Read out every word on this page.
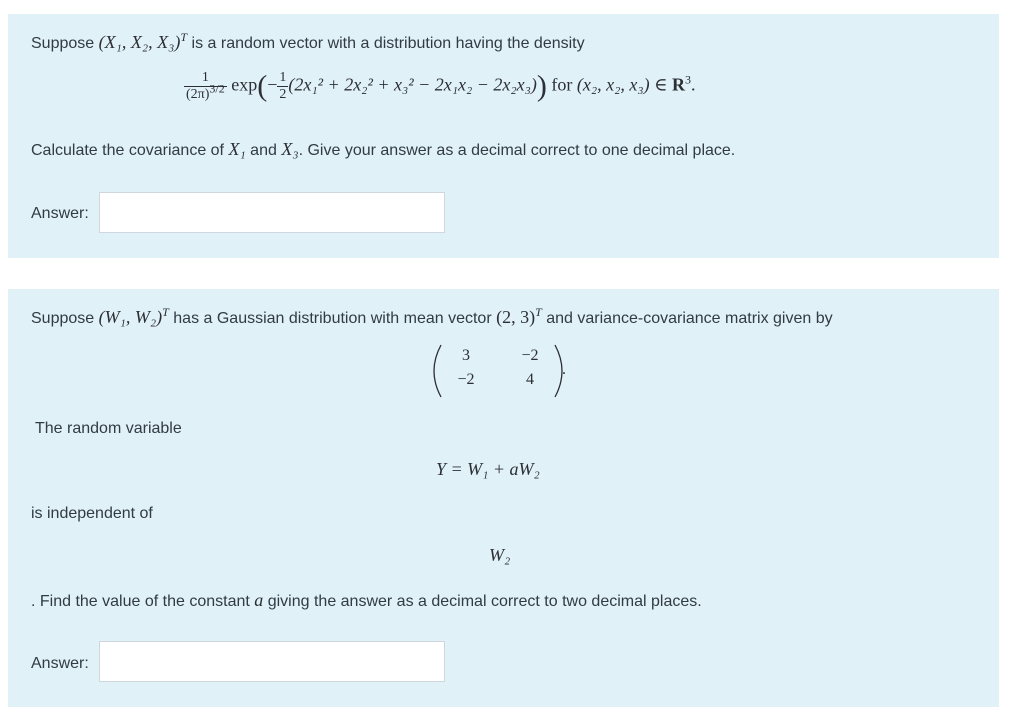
Suppose (X₁, X₂, X₃)$^T$ is a random vector with a distribution having the density
$\frac{1}{(2\pi)^{3/2}} \exp(- \frac{1}{2} (2x_1^2 + 2x_2^2 + x_3^2 - 2x_1x_2 - 2x_2x_3))$ for (x₂, x₂, x₃) ∈ $R^3$.
Calculate the covariance of X₁ and X₃. Give your answer as a decimal correct to one decimal place.
Answer:
Suppose (W₁, W₂)$^T$ has a Gaussian distribution with mean vector (2, 3)$^T$ and variance-covariance matrix given by
3	−2
−2	4
.
The random variable
Y = W₁ + aW₂
is independent of
W₂
. Find the value of the constant a giving the answer as a decimal correct to two decimal places.
Answer:
